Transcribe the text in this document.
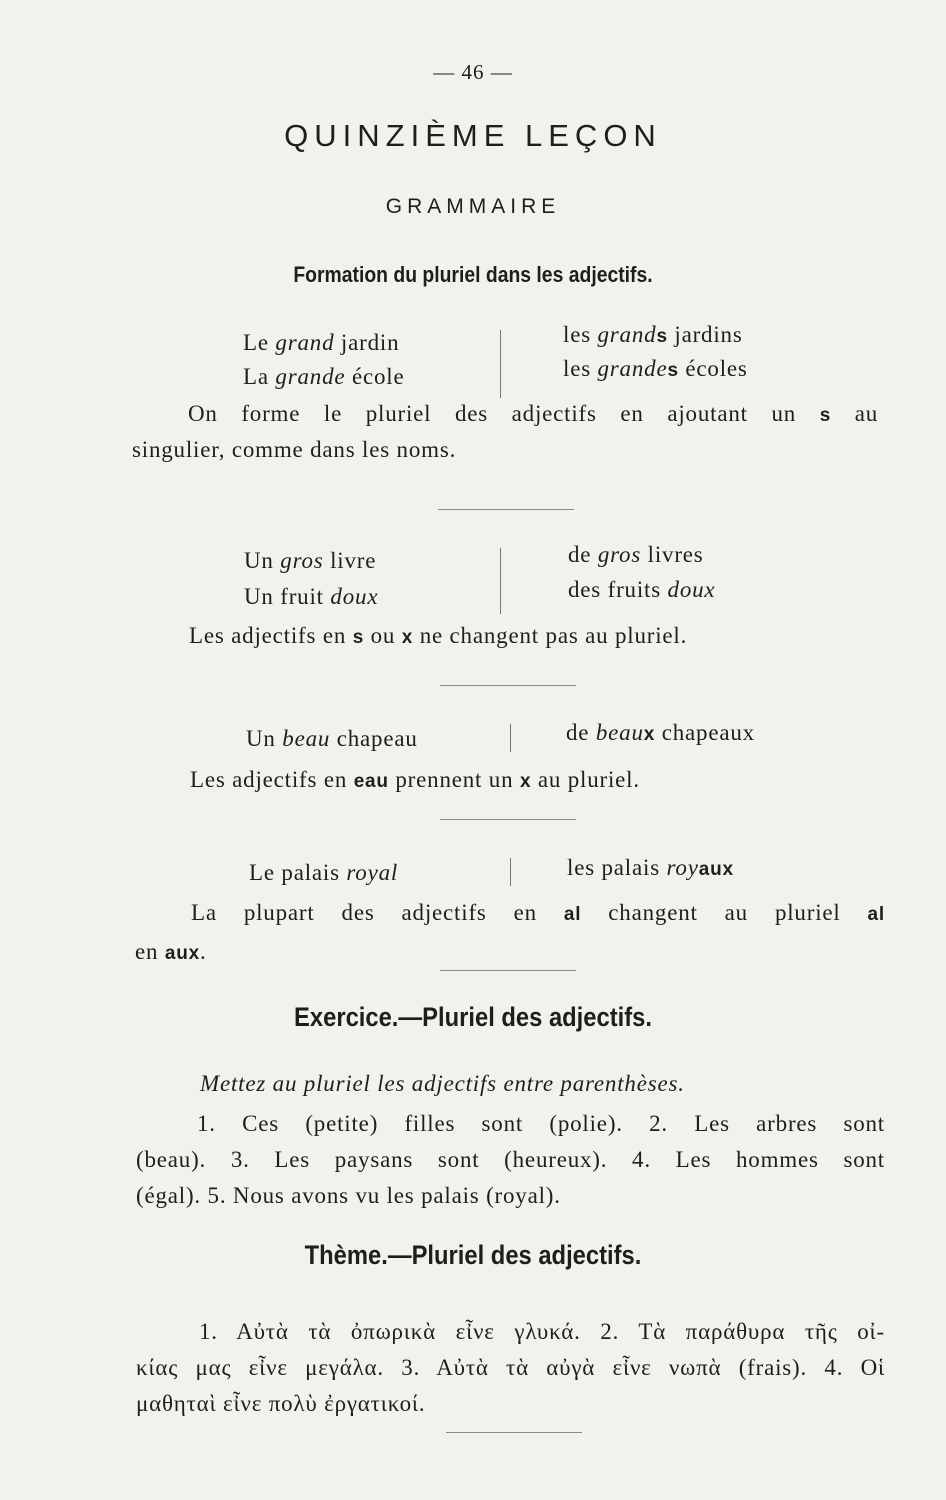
— 46 —
QUINZIÈME LEÇON
GRAMMAIRE
Formation du pluriel dans les adjectifs.
Le grand jardin	les grands jardins
La grande école	les grandes écoles
On forme le pluriel des adjectifs en ajoutant un s au
singulier, comme dans les noms.
Un gros livre	de gros livres
Un fruit doux	des fruits doux
Les adjectifs en s ou x ne changent pas au pluriel.
Un beau chapeau	de beaux chapeaux
Les adjectifs en eau prennent un x au pluriel.
Le palais royal	les palais royaux
La plupart des adjectifs en al changent au pluriel al
en aux.
Exercice.—Pluriel des adjectifs.
Mettez au pluriel les adjectifs entre parenthèses.
1. Ces (petite) filles sont (polie). 2. Les arbres sont
(beau). 3. Les paysans sont (heureux). 4. Les hommes sont
(égal). 5. Nous avons vu les palais (royal).
Thème.—Pluriel des adjectifs.
1. Αὐτὰ τὰ ὀπωρικὰ εἶνε γλυκά. 2. Τὰ παράθυρα τῆς οἰ-
κίας μας εἶνε μεγάλα. 3. Αὐτὰ τὰ αὐγὰ εἶνε νωπὰ (frais). 4. Οἱ
μαθηταὶ εἶνε πολὺ ἐργατικοί.
